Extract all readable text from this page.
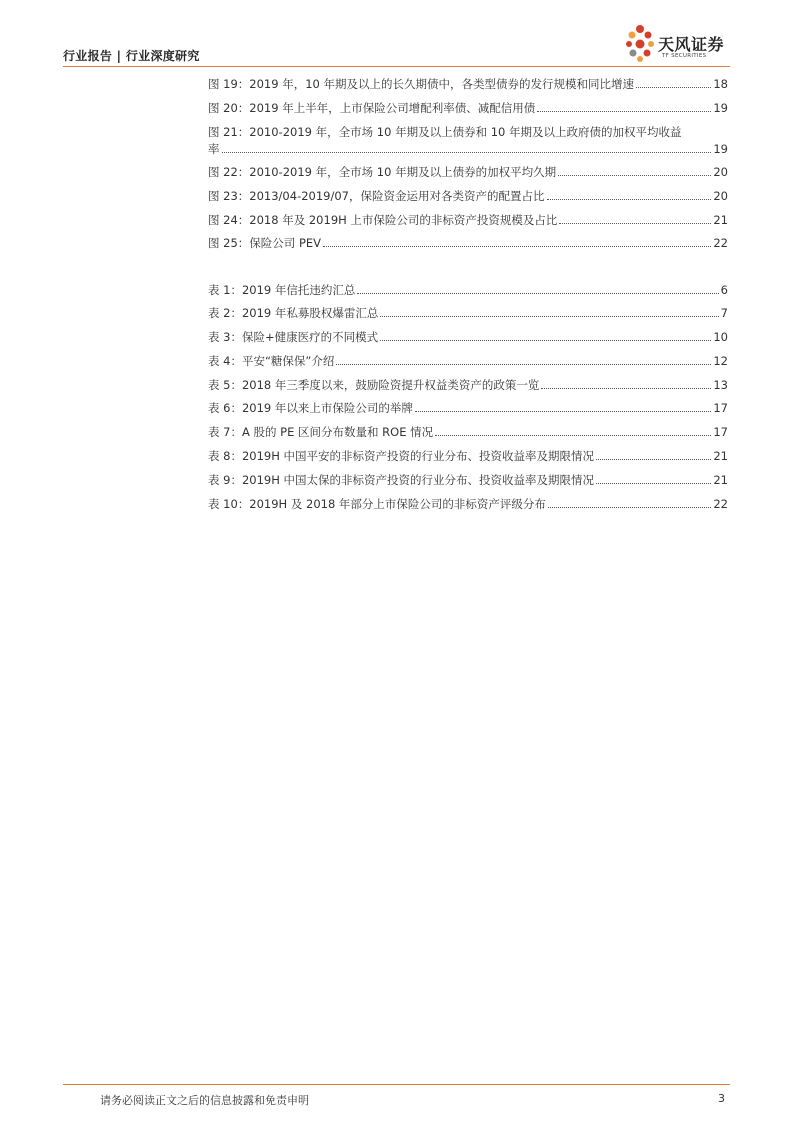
行业报告 | 行业深度研究
天风证券
TF SECURITIES
图 19：2019 年，10 年期及以上的长久期债中，各类型债券的发行规模和同比增速	18
图 20：2019 年上半年，上市保险公司增配利率债、减配信用债	19
图 21：2010-2019 年，全市场 10 年期及以上债券和 10 年期及以上政府债的加权平均收益
率	19
图 22：2010-2019 年，全市场 10 年期及以上债券的加权平均久期	20
图 23：2013/04-2019/07，保险资金运用对各类资产的配置占比	20
图 24：2018 年及 2019H 上市保险公司的非标资产投资规模及占比	21
图 25：保险公司 PEV	22
表 1：2019 年信托违约汇总	6
表 2：2019 年私募股权爆雷汇总	7
表 3：保险+健康医疗的不同模式	10
表 4：平安“糖保保”介绍	12
表 5：2018 年三季度以来，鼓励险资提升权益类资产的政策一览	13
表 6：2019 年以来上市保险公司的举牌	17
表 7：A 股的 PE 区间分布数量和 ROE 情况	17
表 8：2019H 中国平安的非标资产投资的行业分布、投资收益率及期限情况	21
表 9：2019H 中国太保的非标资产投资的行业分布、投资收益率及期限情况	21
表 10：2019H 及 2018 年部分上市保险公司的非标资产评级分布	22
请务必阅读正文之后的信息披露和免责申明	3
